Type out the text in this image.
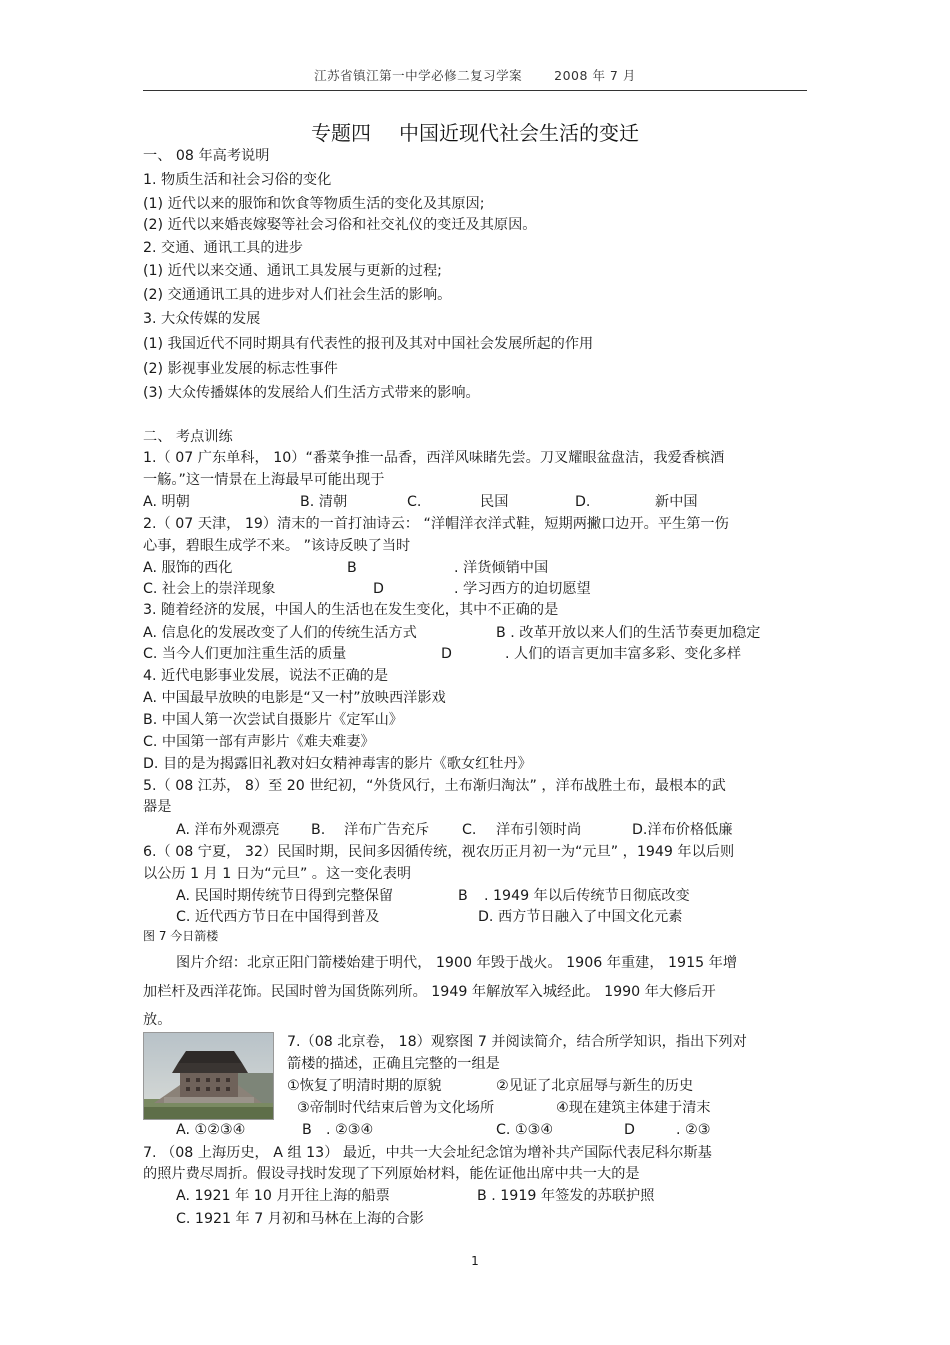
江苏省镇江第一中学必修二复习学案	2008 年 7 月
专题四 中国近现代社会生活的变迁
一、 08 年高考说明
1. 物质生活和社会习俗的变化
(1) 近代以来的服饰和饮食等物质生活的变化及其原因;
(2) 近代以来婚丧嫁娶等社会习俗和社交礼仪的变迁及其原因。
2. 交通、通讯工具的进步
(1) 近代以来交通、通讯工具发展与更新的过程;
(2) 交通通讯工具的进步对人们社会生活的影响。
3. 大众传媒的发展
(1) 我国近代不同时期具有代表性的报刊及其对中国社会发展所起的作用
(2) 影视事业发展的标志性事件
(3) 大众传播媒体的发展给人们生活方式带来的影响。
二、 考点训练
1.（ 07 广东单科， 10）“番菜争推一品香，西洋风味睹先尝。刀叉耀眼盆盘洁，我爱香槟酒
一觞。”这一情景在上海最早可能出现于
A. 明朝	B. 清朝	C.	民国	D.	新中国
2.（ 07 天津， 19）清末的一首打油诗云： “洋帽洋衣洋式鞋，短期两撇口边开。平生第一伤
心事，碧眼生成学不来。 ”该诗反映了当时
A. 服饰的西化	B	. 洋货倾销中国
C. 社会上的崇洋现象	D	. 学习西方的迫切愿望
3. 随着经济的发展，中国人的生活也在发生变化，其中不正确的是
A. 信息化的发展改变了人们的传统生活方式	B . 改革开放以来人们的生活节奏更加稳定
C. 当今人们更加注重生活的质量	D	. 人们的语言更加丰富多彩、变化多样
4. 近代电影事业发展，说法不正确的是
A. 中国最早放映的电影是“又一村”放映西洋影戏
B. 中国人第一次尝试自摄影片《定军山》
C. 中国第一部有声影片《难夫难妻》
D. 目的是为揭露旧礼教对妇女精神毒害的影片《歌女红牡丹》
5.（ 08 江苏， 8）至 20 世纪初，“外货风行，土布渐归淘汰” ，洋布战胜土布，最根本的武
器是
A. 洋布外观漂亮 B. 洋布广告充斥 C. 洋布引领时尚	D.洋布价格低廉
6.（ 08 宁夏， 32）民国时期，民间多因循传统，视农历正月初一为“元旦” ，1949 年以后则
以公历 1 月 1 日为“元旦” 。这一变化表明
A. 民国时期传统节日得到完整保留	B . 1949 年以后传统节日彻底改变
C. 近代西方节日在中国得到普及	D. 西方节日融入了中国文化元素
图 7 今日箭楼
图片介绍：北京正阳门箭楼始建于明代， 1900 年毁于战火。 1906 年重建， 1915 年增
加栏杆及西洋花饰。民国时曾为国货陈列所。 1949 年解放军入城经此。 1990 年大修后开
放。
7.（08 北京卷， 18）观察图 7 并阅读简介，结合所学知识，指出下列对
箭楼的描述，正确且完整的一组是
①恢复了明清时期的原貌	②见证了北京屈辱与新生的历史
③帝制时代结束后曾为文化场所	④现在建筑主体建于清末
A. ①②③④	B . ②③④	C. ①③④	D	. ②③
7. （08 上海历史， A 组 13） 最近，中共一大会址纪念馆为增补共产国际代表尼科尔斯基
的照片费尽周折。假设寻找时发现了下列原始材料，能佐证他出席中共一大的是
A. 1921 年 10 月开往上海的船票	B . 1919 年签发的苏联护照
C. 1921 年 7 月初和马林在上海的合影
1
